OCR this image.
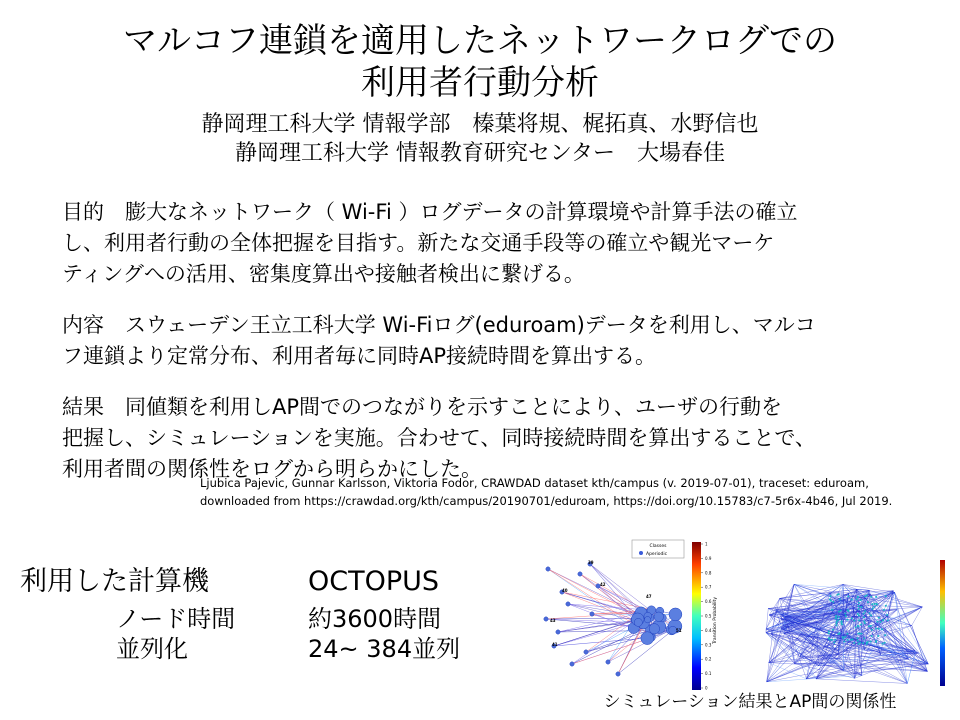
マルコフ連鎖を適用したネットワークログでの
利用者行動分析
静岡理工科大学 情報学部　榛葉将規、梶拓真、水野信也
静岡理工科大学 情報教育研究センター　大場春佳
目的　膨大なネットワーク（ Wi-Fi ）ログデータの計算環境や計算手法の確立
し、利用者行動の全体把握を目指す。新たな交通手段等の確立や観光マーケ
ティングへの活用、密集度算出や接触者検出に繋げる。
内容　スウェーデン王立工科大学 Wi-Fiログ(eduroam)データを利用し、マルコ
フ連鎖より定常分布、利用者毎に同時AP接続時間を算出する。
結果　同値類を利用しAP間でのつながりを示すことにより、ユーザの行動を
把握し、シミュレーションを実施。合わせて、同時接続時間を算出することで、
利用者間の関係性をログから明らかにした。
Ljubica Pajevic, Gunnar Karlsson, Viktoria Fodor, CRAWDAD dataset kth/campus (v. 2019-07-01), traceset: eduroam,
downloaded from https://crawdad.org/kth/campus/20190701/eduroam, https://doi.org/10.15783/c7-5r6x-4b46, Jul 2019.
利用した計算機	OCTOPUS
ノード時間	約3600時間
並列化	24~ 384並列
Classes
Aperiodic
43
41
40
39
42
47
51
1
0.9
0.8
0.7
0.6
0.5
0.4
0.3
0.2
0.1
0
Transition Probability
シミュレーション結果とAP間の関係性
